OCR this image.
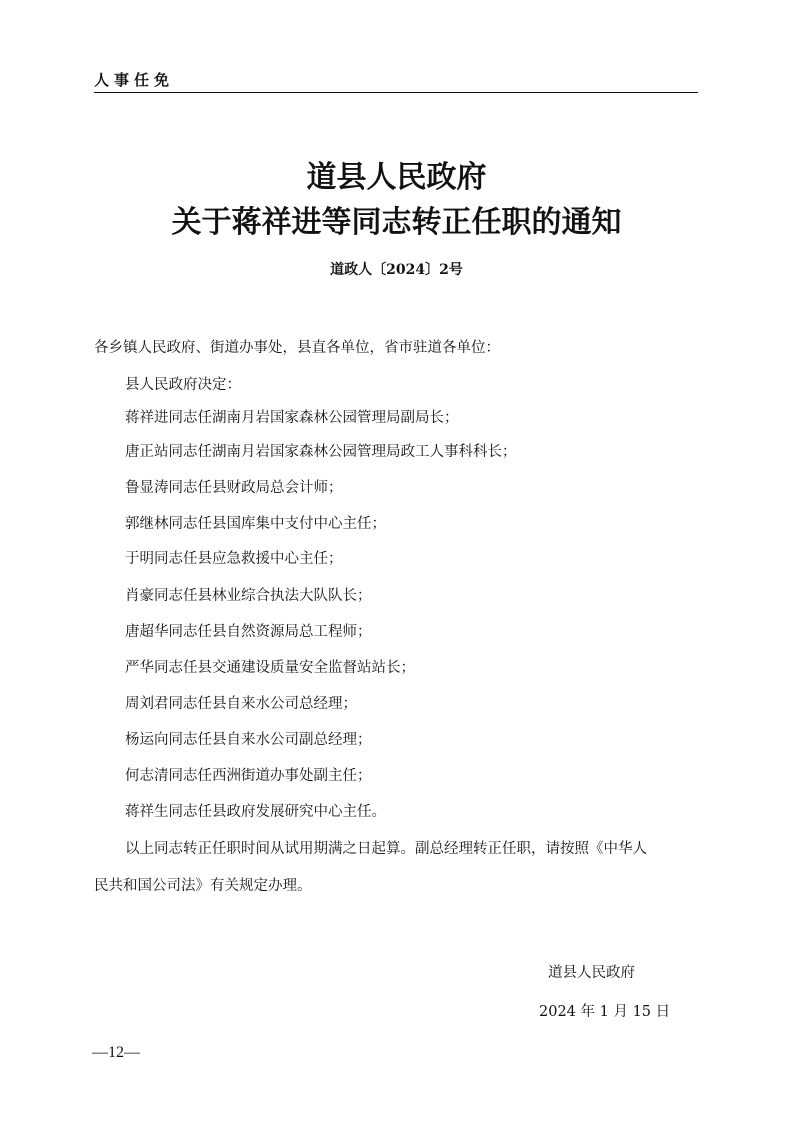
人事任免
道县人民政府
关于蒋祥进等同志转正任职的通知
道政人〔2024〕2号
各乡镇人民政府、街道办事处，县直各单位，省市驻道各单位：
县人民政府决定：
蒋祥进同志任湖南月岩国家森林公园管理局副局长；
唐正站同志任湖南月岩国家森林公园管理局政工人事科科长；
鲁显涛同志任县财政局总会计师；
郭继林同志任县国库集中支付中心主任；
于明同志任县应急救援中心主任；
肖豪同志任县林业综合执法大队队长；
唐超华同志任县自然资源局总工程师；
严华同志任县交通建设质量安全监督站站长；
周刘君同志任县自来水公司总经理；
杨运向同志任县自来水公司副总经理；
何志清同志任西洲街道办事处副主任；
蒋祥生同志任县政府发展研究中心主任。
以上同志转正任职时间从试用期满之日起算。副总经理转正任职，请按照《中华人
民共和国公司法》有关规定办理。
道县人民政府
2024 年 1 月 15 日
—12—
